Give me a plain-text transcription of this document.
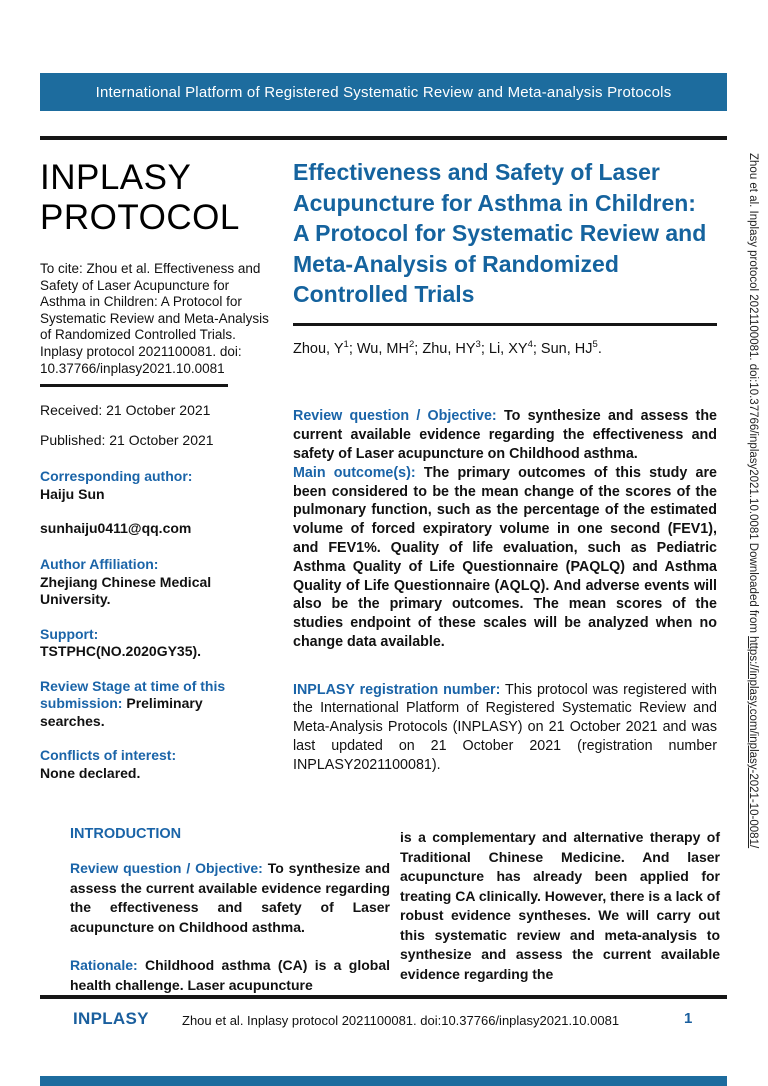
International Platform of Registered Systematic Review and Meta-analysis Protocols
INPLASY
PROTOCOL

To cite: Zhou et al. Effectiveness and Safety of Laser Acupuncture for Asthma in Children: A Protocol for Systematic Review and Meta-Analysis of Randomized Controlled Trials. Inplasy protocol 2021100081. doi: 10.37766/inplasy2021.10.0081

Received: 21 October 2021

Published: 21 October 2021

Corresponding author:
Haiju Sun

sunhaiju0411@qq.com

Author Affiliation:
Zhejiang Chinese Medical University.

Support:
TSTPHC(NO.2020GY35).

Review Stage at time of this submission: Preliminary searches.

Conflicts of interest:
None declared.

Effectiveness and Safety of Laser Acupuncture for Asthma in Children: A Protocol for Systematic Review and Meta-Analysis of Randomized Controlled Trials

Zhou, $Y^1$; Wu, $MH^2$; Zhu, $HY^3$; Li, $XY^4$; Sun, $HJ^5$.

Review question / Objective: To synthesize and assess the current available evidence regarding the effectiveness and safety of Laser acupuncture on Childhood asthma.

Main outcome(s): The primary outcomes of this study are been considered to be the mean change of the scores of the pulmonary function, such as the percentage of the estimated volume of forced expiratory volume in one second (FEV1), and FEV1%. Quality of life evaluation, such as Pediatric Asthma Quality of Life Questionnaire (PAQLQ) and Asthma Quality of Life Questionnaire (AQLQ). And adverse events will also be the primary outcomes. The mean scores of the studies endpoint of these scales will be analyzed when no change data available.

INPLASY registration number: This protocol was registered with the International Platform of Registered Systematic Review and Meta-Analysis Protocols (INPLASY) on 21 October 2021 and was last updated on 21 October 2021 (registration number INPLASY2021100081).

INTRODUCTION

Review question / Objective: To synthesize and assess the current available evidence regarding the effectiveness and safety of Laser acupuncture on Childhood asthma.

Rationale: Childhood asthma (CA) is a global health challenge. Laser acupuncture

is a complementary and alternative therapy of Traditional Chinese Medicine. And laser acupuncture has already been applied for treating CA clinically. However, there is a lack of robust evidence syntheses. We will carry out this systematic review and meta-analysis to synthesize and assess the current available evidence regarding the

INPLASY	Zhou et al. Inplasy protocol 2021100081. doi:10.37766/inplasy2021.10.0081	1
Zhou et al. Inplasy protocol 2021100081. doi:10.37766/inplasy2021.10.0081 Downloaded from https://inplasy.com/inplasy-2021-10-0081/
